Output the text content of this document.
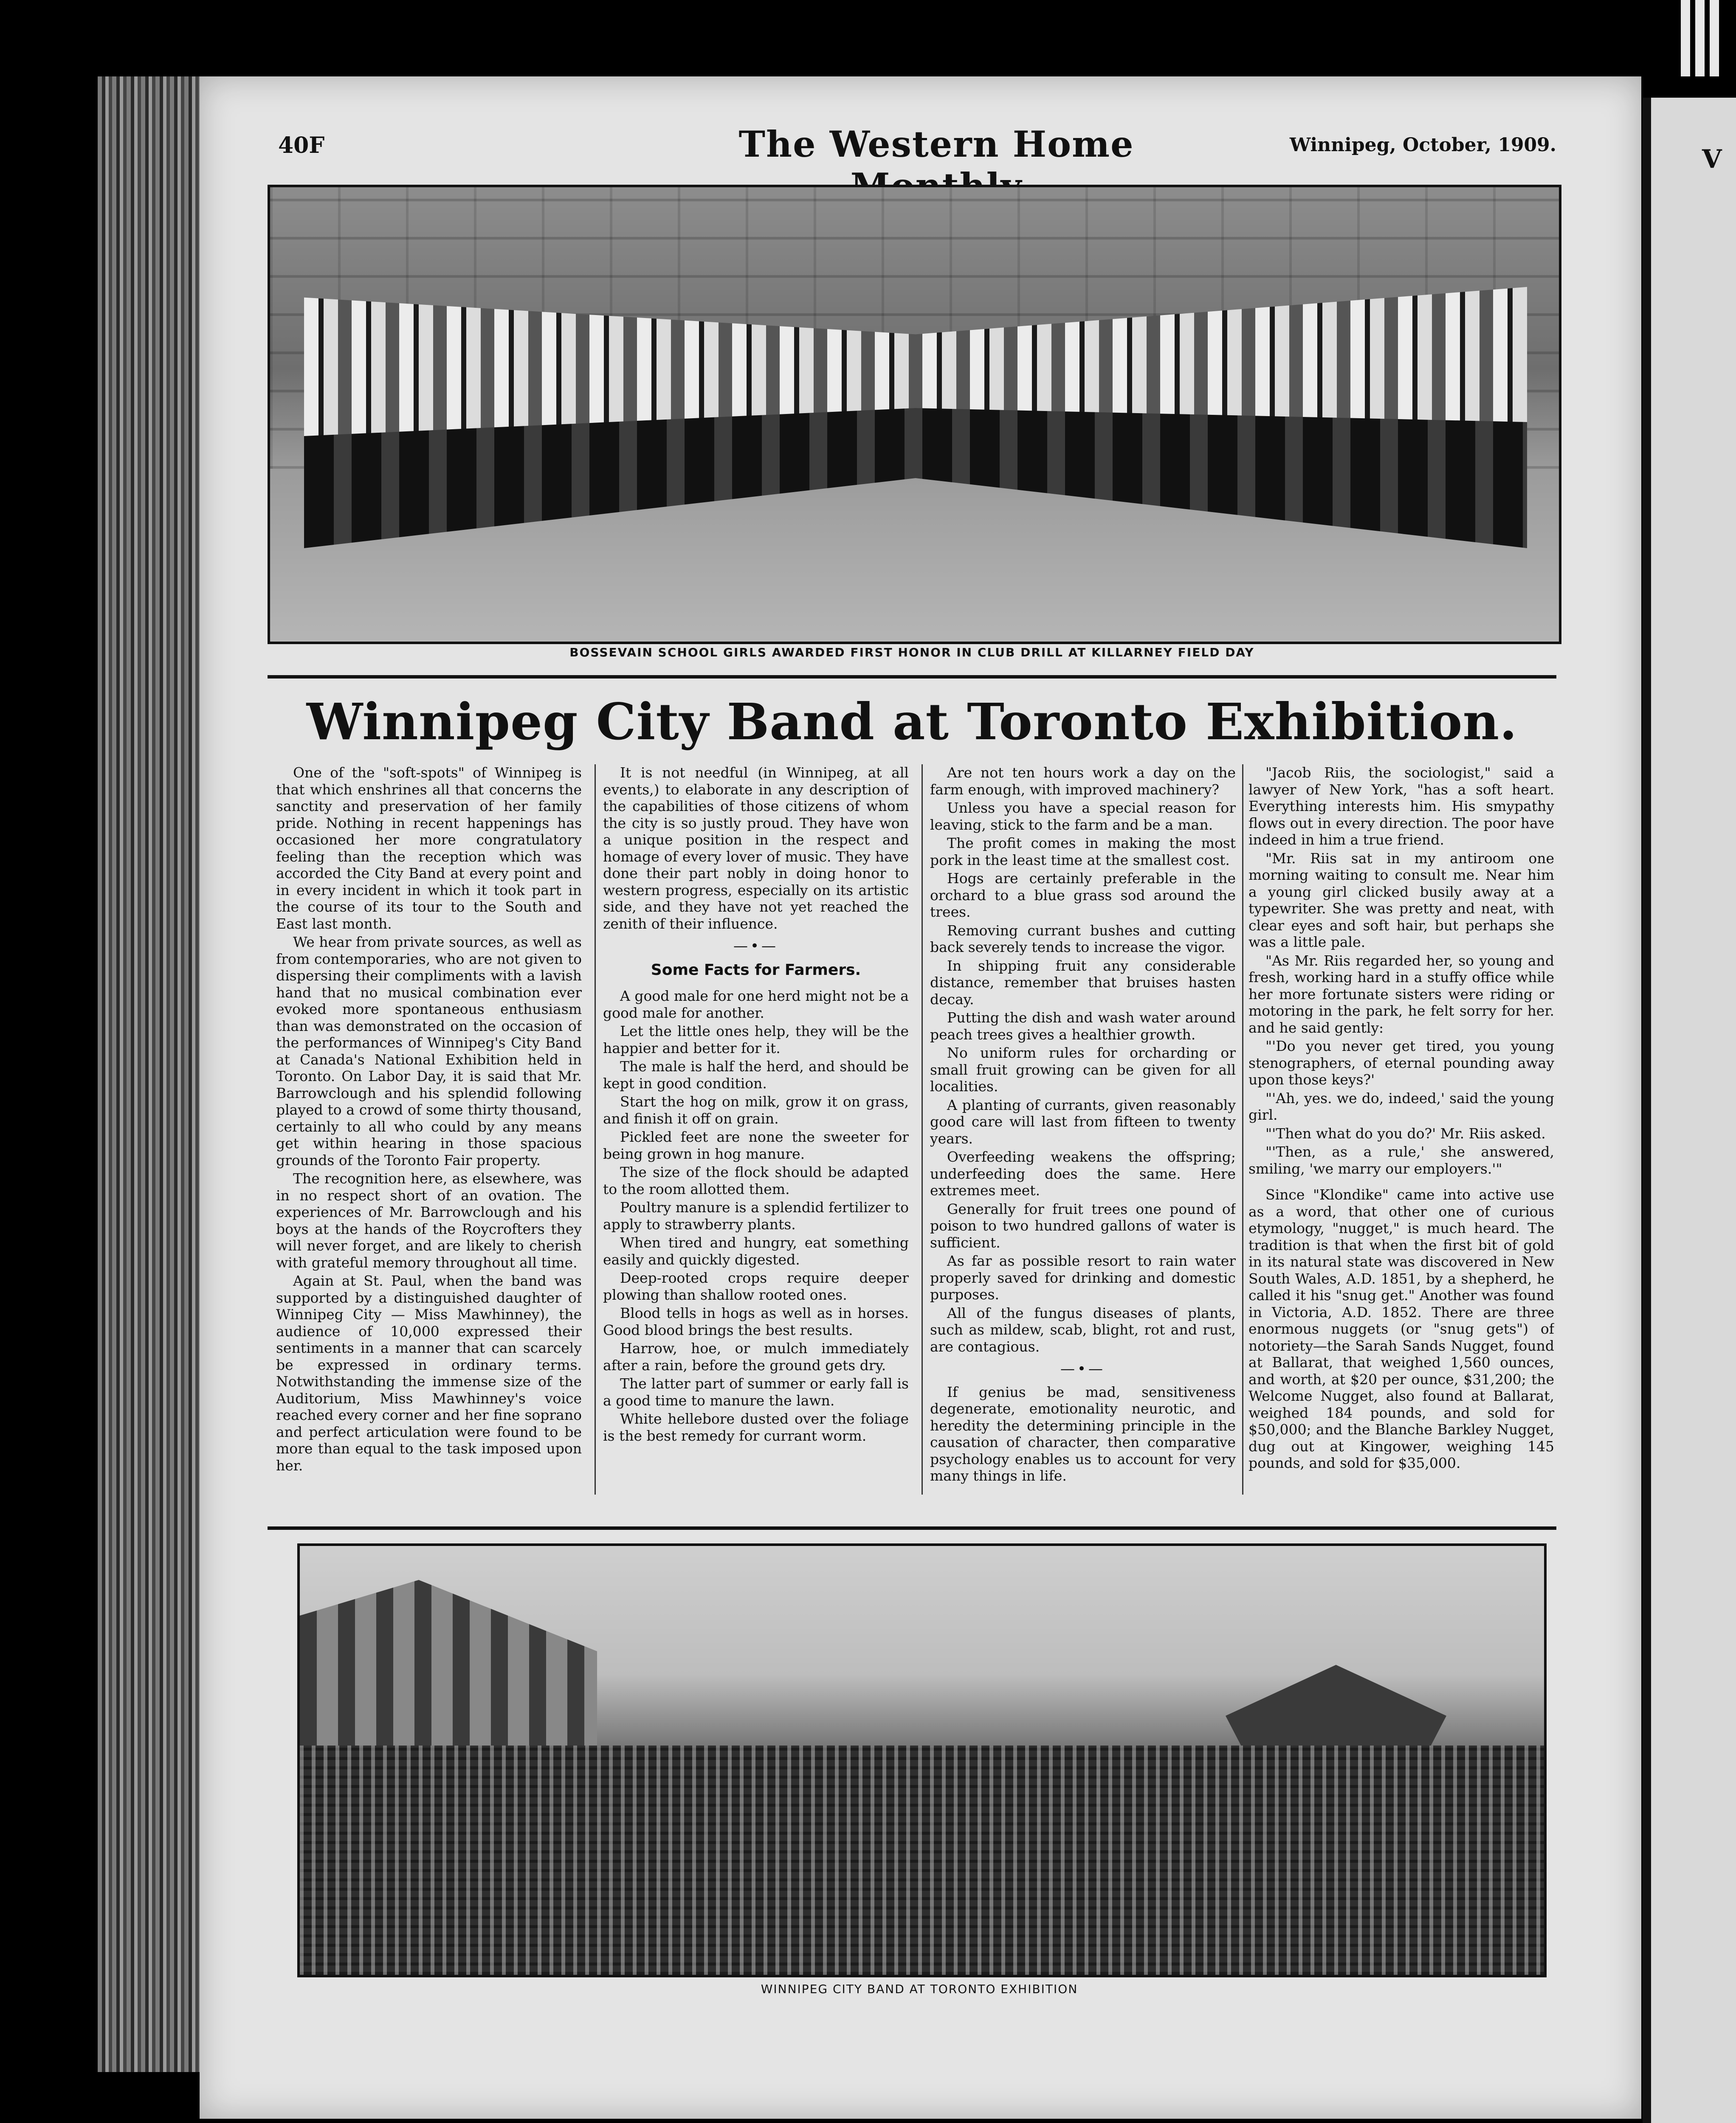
V
40F	The Western Home	Winnipeg, October, 1909.
BOSSEVAIN SCHOOL GIRLS AWARDED FIRST HONOR IN CLUB DRILL AT KILLARNEY FIELD DAY
Winnipeg City Band at Toronto Exhibition.

One of the "soft-spots" of Winnipeg is that which enshrines all that concerns the sanctity and preservation of her family pride. Nothing in recent happenings has occasioned her more congratulatory feeling than the reception which was accorded the City Band at every point and in every incident in which it took part in the course of its tour to the South and East last month.

We hear from private sources, as well as from contemporaries, who are not given to dispersing their compliments with a lavish hand that no musical combination ever evoked more spontaneous enthusiasm than was demonstrated on the occasion of the performances of Winnipeg's City Band at Canada's National Exhibition held in Toronto. On Labor Day, it is said that Mr. Barrowclough and his splendid following played to a crowd of some thirty thousand, certainly to all who could by any means get within hearing in those spacious grounds of the Toronto Fair property.

The recognition here, as elsewhere, was in no respect short of an ovation. The experiences of Mr. Barrowclough and his boys at the hands of the Roycrofters they will never forget, and are likely to cherish with grateful memory throughout all time.

Again at St. Paul, when the band was supported by a distinguished daughter of Winnipeg City — Miss Mawhinney), the audience of 10,000 expressed their sentiments in a manner that can scarcely be expressed in ordinary terms. Notwithstanding the immense size of the Auditorium, Miss Mawhinney's voice reached every corner and her fine soprano and perfect articulation were found to be more than equal to the task imposed upon her.

It is not needful (in Winnipeg, at all events,) to elaborate in any description of the capabilities of those citizens of whom the city is so justly proud. They have won a unique position in the respect and homage of every lover of music. They have done their part nobly in doing honor to western progress, especially on its artistic side, and they have not yet reached the zenith of their influence.

—•—
Some Facts for Farmers.

A good male for one herd might not be a good male for another.

Let the little ones help, they will be the happier and better for it.

The male is half the herd, and should be kept in good condition.

Start the hog on milk, grow it on grass, and finish it off on grain.

Pickled feet are none the sweeter for being grown in hog manure.

The size of the flock should be adapted to the room allotted them.

Poultry manure is a splendid fertilizer to apply to strawberry plants.

When tired and hungry, eat something easily and quickly digested.

Deep-rooted crops require deeper plowing than shallow rooted ones.

Blood tells in hogs as well as in horses. Good blood brings the best results.

Harrow, hoe, or mulch immediately after a rain, before the ground gets dry.

The latter part of summer or early fall is a good time to manure the lawn.

White hellebore dusted over the foliage is the best remedy for currant worm.

Are not ten hours work a day on the farm enough, with improved machinery?

Unless you have a special reason for leaving, stick to the farm and be a man.

The profit comes in making the most pork in the least time at the smallest cost.

Hogs are certainly preferable in the orchard to a blue grass sod around the trees.

Removing currant bushes and cutting back severely tends to increase the vigor.

In shipping fruit any considerable distance, remember that bruises hasten decay.

Putting the dish and wash water around peach trees gives a healthier growth.

No uniform rules for orcharding or small fruit growing can be given for all localities.

A planting of currants, given reasonably good care will last from fifteen to twenty years.

Overfeeding weakens the offspring; underfeeding does the same. Here extremes meet.

Generally for fruit trees one pound of poison to two hundred gallons of water is sufficient.

As far as possible resort to rain water properly saved for drinking and domestic purposes.

All of the fungus diseases of plants, such as mildew, scab, blight, rot and rust, are contagious.

—•—

If genius be mad, sensitiveness degenerate, emotionality neurotic, and heredity the determining principle in the causation of character, then comparative psychology enables us to account for very many things in life.

"Jacob Riis, the sociologist," said a lawyer of New York, "has a soft heart. Everything interests him. His smypathy flows out in every direction. The poor have indeed in him a true friend.

"Mr. Riis sat in my antiroom one morning waiting to consult me. Near him a young girl clicked busily away at a typewriter. She was pretty and neat, with clear eyes and soft hair, but perhaps she was a little pale.

"As Mr. Riis regarded her, so young and fresh, working hard in a stuffy office while her more fortunate sisters were riding or motoring in the park, he felt sorry for her. and he said gently:

"'Do you never get tired, you young stenographers, of eternal pounding away upon those keys?'

"'Ah, yes. we do, indeed,' said the young girl.

"'Then what do you do?' Mr. Riis asked.

"'Then, as a rule,' she answered, smiling, 'we marry our employers.'"

Since "Klondike" came into active use as a word, that other one of curious etymology, "nugget," is much heard. The tradition is that when the first bit of gold in its natural state was discovered in New South Wales, A.D. 1851, by a shepherd, he called it his "snug get." Another was found in Victoria, A.D. 1852. There are three enormous nuggets (or "snug gets") of notoriety—the Sarah Sands Nugget, found at Ballarat, that weighed 1,560 ounces, and worth, at $20 per ounce, $31,200; the Welcome Nugget, also found at Ballarat, weighed 184 pounds, and sold for $50,000; and the Blanche Barkley Nugget, dug out at Kingower, weighing 145 pounds, and sold for $35,000.

WINNIPEG CITY BAND AT TORONTO EXHIBITION
